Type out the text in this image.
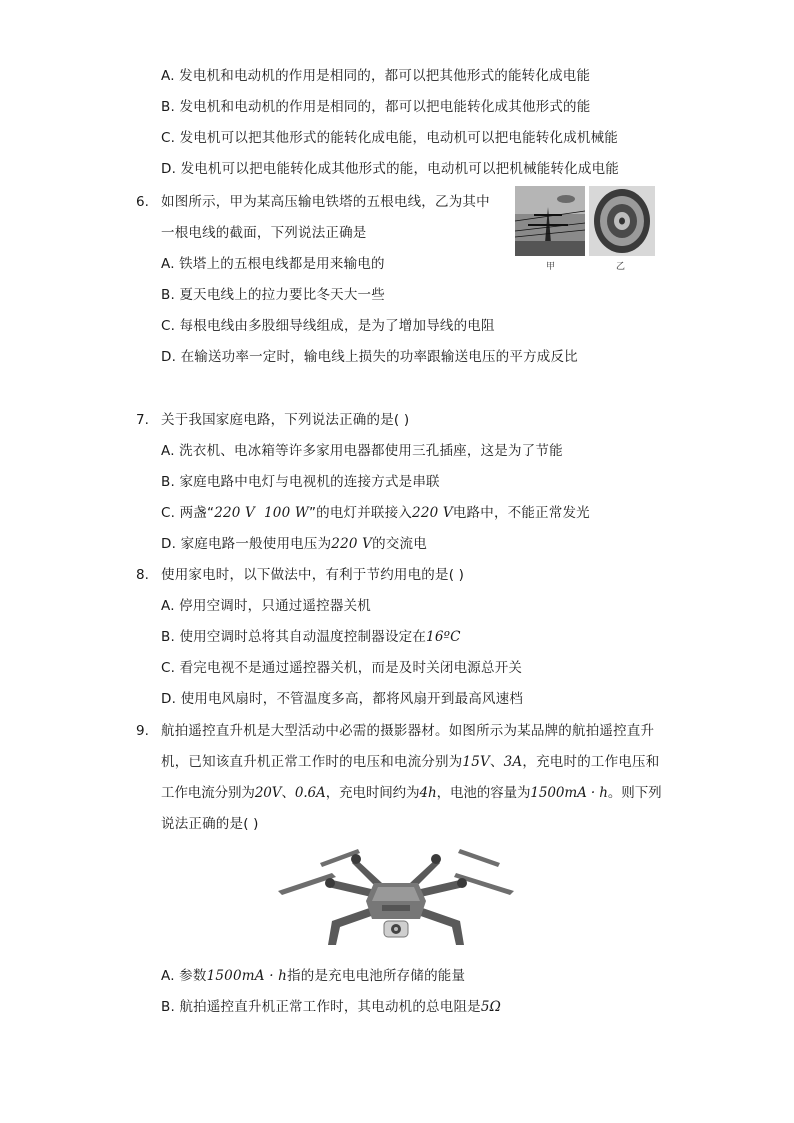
A. 发电机和电动机的作用是相同的，都可以把其他形式的能转化成电能
B. 发电机和电动机的作用是相同的，都可以把电能转化成其他形式的能
C. 发电机可以把其他形式的能转化成电能，电动机可以把电能转化成机械能
D. 发电机可以把电能转化成其他形式的能，电动机可以把机械能转化成电能
6. 如图所示，甲为某高压输电铁塔的五根电线，乙为其中
一根电线的截面，下列说法正确是
甲	乙
A. 铁塔上的五根电线都是用来输电的
B. 夏天电线上的拉力要比冬天大一些
C. 每根电线由多股细导线组成，是为了增加导线的电阻
D. 在输送功率一定时，输电线上损失的功率跟输送电压的平方成反比
7. 关于我国家庭电路，下列说法正确的是( )
A. 洗衣机、电冰箱等许多家用电器都使用三孔插座，这是为了节能
B. 家庭电路中电灯与电视机的连接方式是串联
C. 两盏“220 V 100 W”的电灯并联接入220 V电路中，不能正常发光
D. 家庭电路一般使用电压为220 V的交流电
8. 使用家电时，以下做法中，有利于节约用电的是( )
A. 停用空调时，只通过遥控器关机
B. 使用空调时总将其自动温度控制器设定在16ºC
C. 看完电视不是通过遥控器关机，而是及时关闭电源总开关
D. 使用电风扇时，不管温度多高，都将风扇开到最高风速档
9. 航拍遥控直升机是大型活动中必需的摄影器材。如图所示为某品牌的航拍遥控直升
机，已知该直升机正常工作时的电压和电流分别为15V、3A，充电时的工作电压和
工作电流分别为20V、0.6A，充电时间约为4h，电池的容量为1500mA · h。则下列
说法正确的是( )
A. 参数1500mA · h指的是充电电池所存储的能量
B. 航拍遥控直升机正常工作时，其电动机的总电阻是5Ω
